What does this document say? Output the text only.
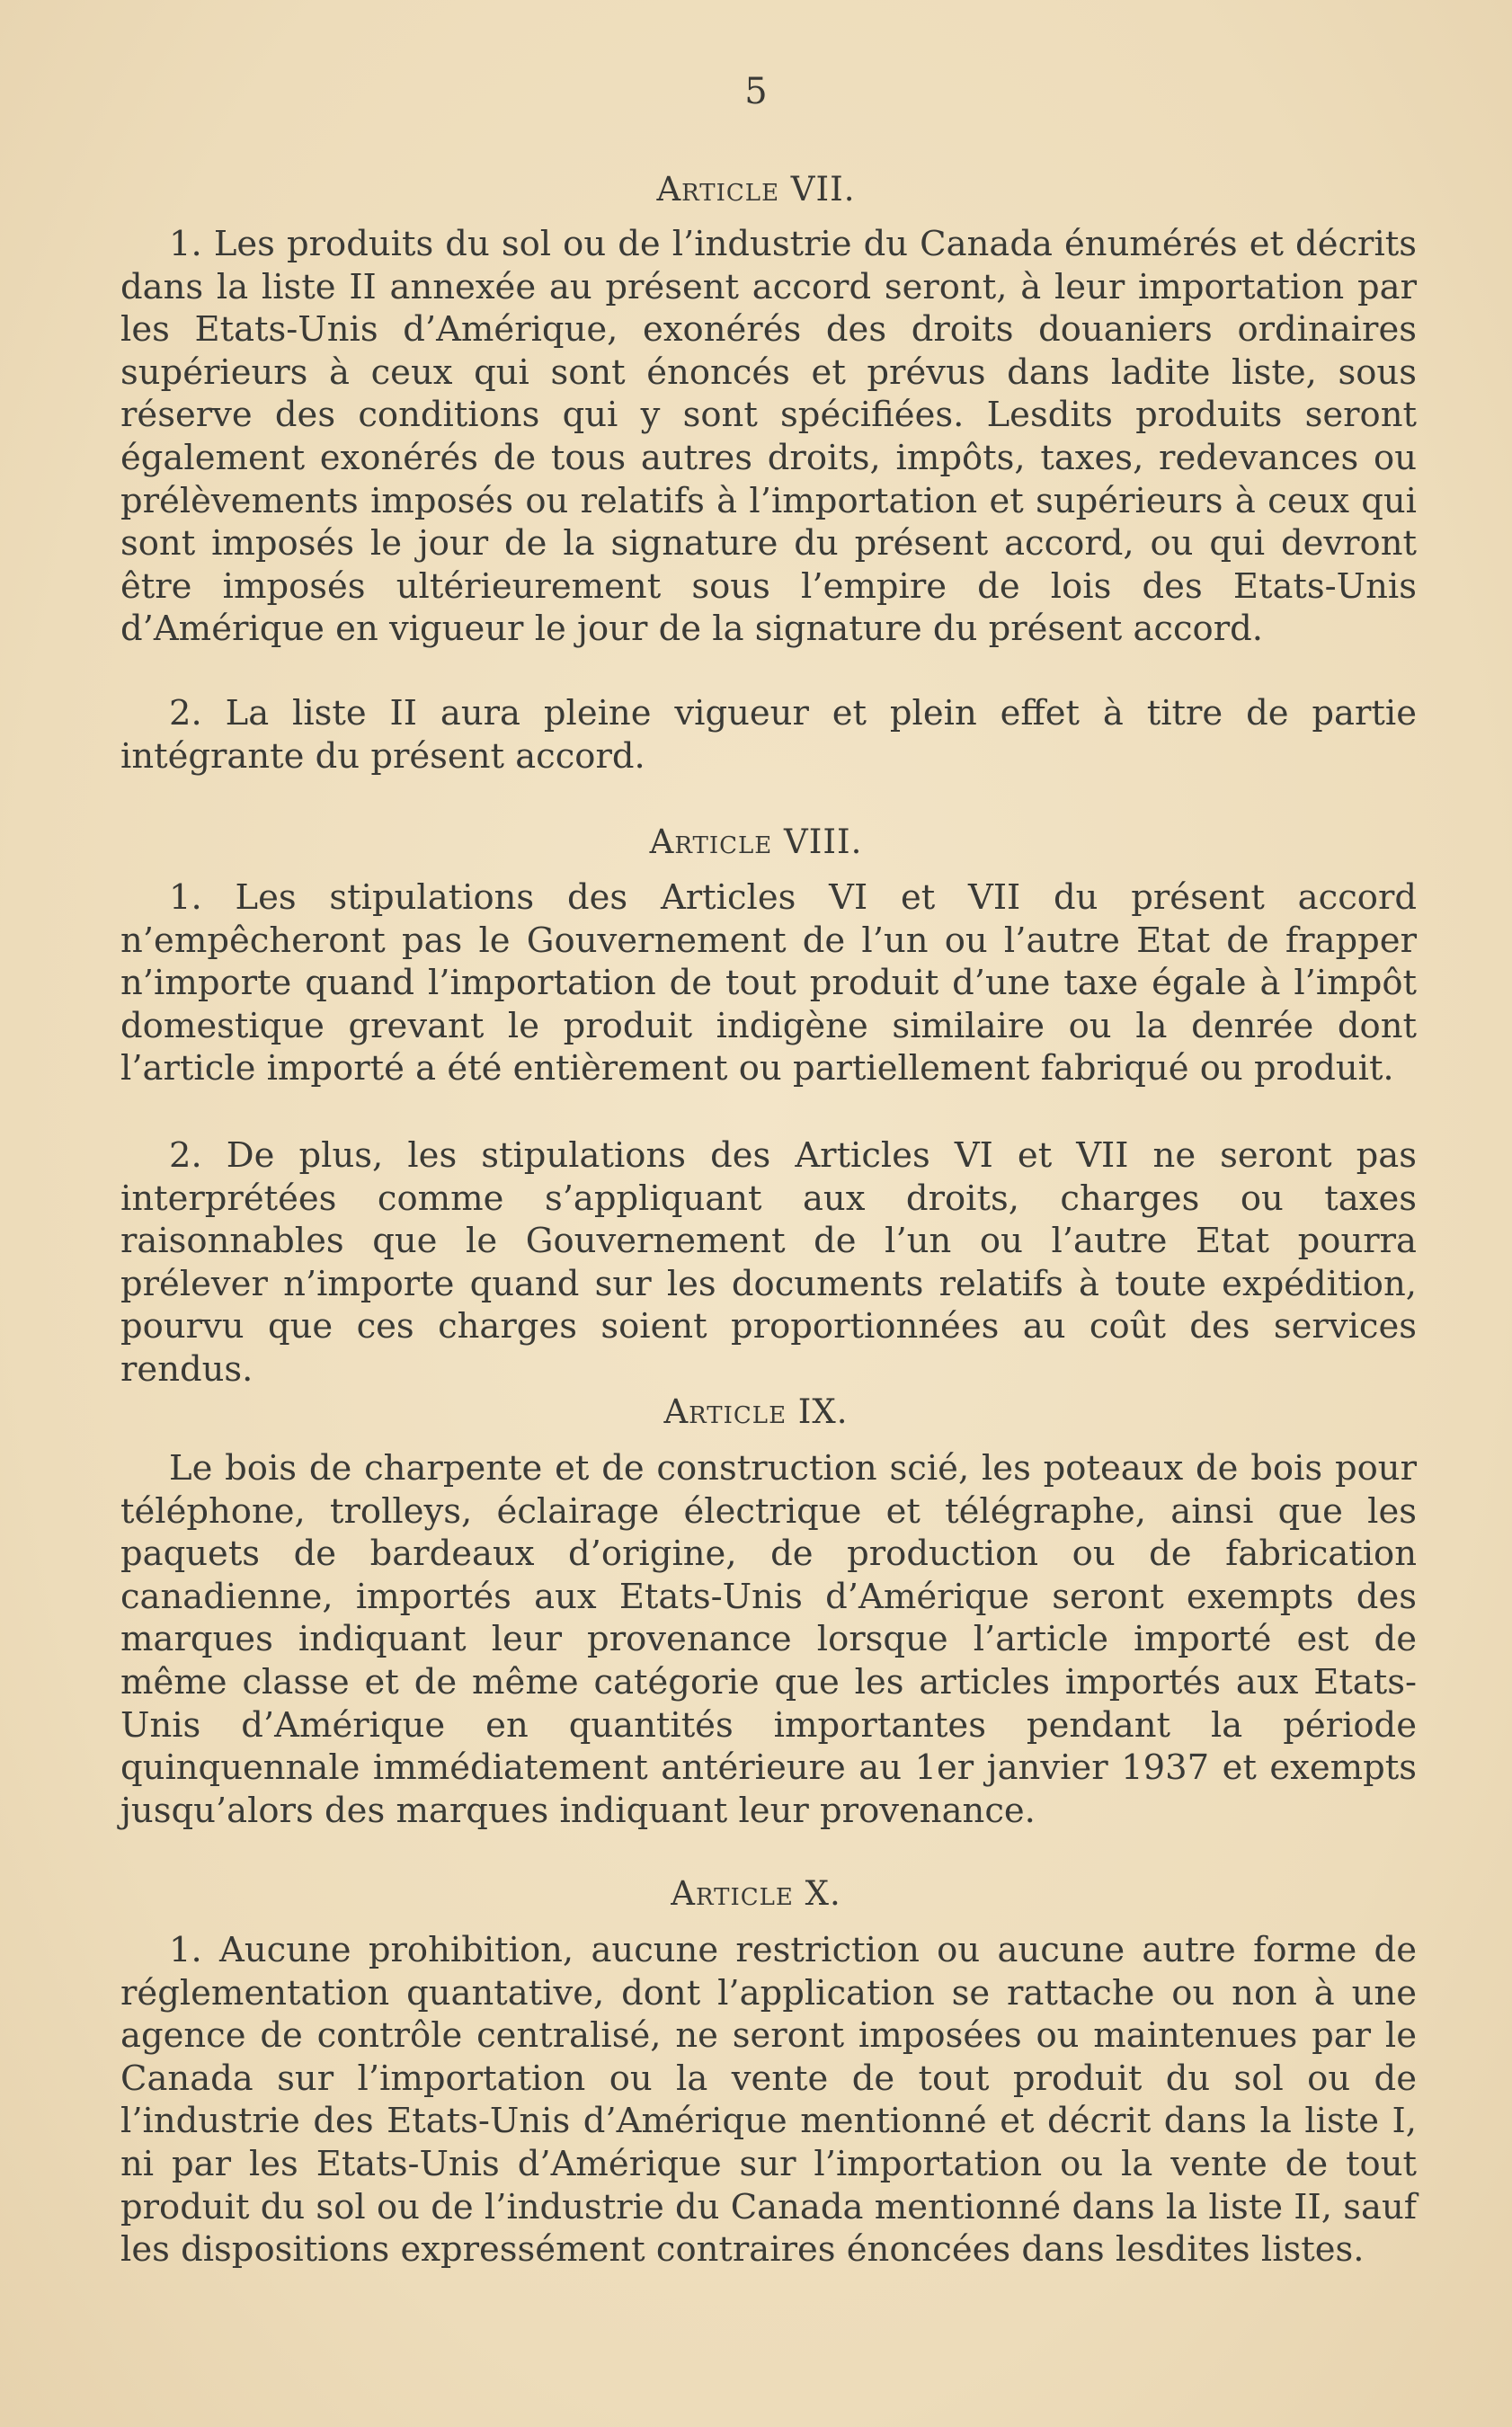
5
Article VII.

1. Les produits du sol ou de l’industrie du Canada énumérés et décrits dans la liste II annexée au présent accord seront, à leur importation par les Etats-Unis d’Amérique, exonérés des droits douaniers ordinaires supérieurs à ceux qui sont énoncés et prévus dans ladite liste, sous réserve des conditions qui y sont spécifiées. Lesdits produits seront également exonérés de tous autres droits, impôts, taxes, redevances ou prélèvements imposés ou relatifs à l’importation et supérieurs à ceux qui sont imposés le jour de la signature du présent accord, ou qui devront être imposés ultérieurement sous l’empire de lois des Etats-Unis d’Amérique en vigueur le jour de la signature du présent accord.

2. La liste II aura pleine vigueur et plein effet à titre de partie intégrante du présent accord.

Article VIII.

1. Les stipulations des Articles VI et VII du présent accord n’empêcheront pas le Gouvernement de l’un ou l’autre Etat de frapper n’importe quand l’importation de tout produit d’une taxe égale à l’impôt domestique grevant le produit indigène similaire ou la denrée dont l’article importé a été entièrement ou partiellement fabriqué ou produit.

2. De plus, les stipulations des Articles VI et VII ne seront pas interprétées comme s’appliquant aux droits, charges ou taxes raisonnables que le Gouvernement de l’un ou l’autre Etat pourra prélever n’importe quand sur les documents relatifs à toute expédition, pourvu que ces charges soient proportionnées au coût des services rendus.

Article IX.

Le bois de charpente et de construction scié, les poteaux de bois pour téléphone, trolleys, éclairage électrique et télégraphe, ainsi que les paquets de bardeaux d’origine, de production ou de fabrication canadienne, importés aux Etats-Unis d’Amérique seront exempts des marques indiquant leur provenance lorsque l’article importé est de même classe et de même catégorie que les articles importés aux Etats-Unis d’Amérique en quantités importantes pendant la période quinquennale immédiatement antérieure au 1er janvier 1937 et exempts jusqu’alors des marques indiquant leur provenance.

Article X.

1. Aucune prohibition, aucune restriction ou aucune autre forme de réglementation quantative, dont l’application se rattache ou non à une agence de contrôle centralisé, ne seront imposées ou maintenues par le Canada sur l’importation ou la vente de tout produit du sol ou de l’industrie des Etats-Unis d’Amérique mentionné et décrit dans la liste I, ni par les Etats-Unis d’Amérique sur l’importation ou la vente de tout produit du sol ou de l’industrie du Canada mentionné dans la liste II, sauf les dispositions expressément contraires énoncées dans lesdites listes.
